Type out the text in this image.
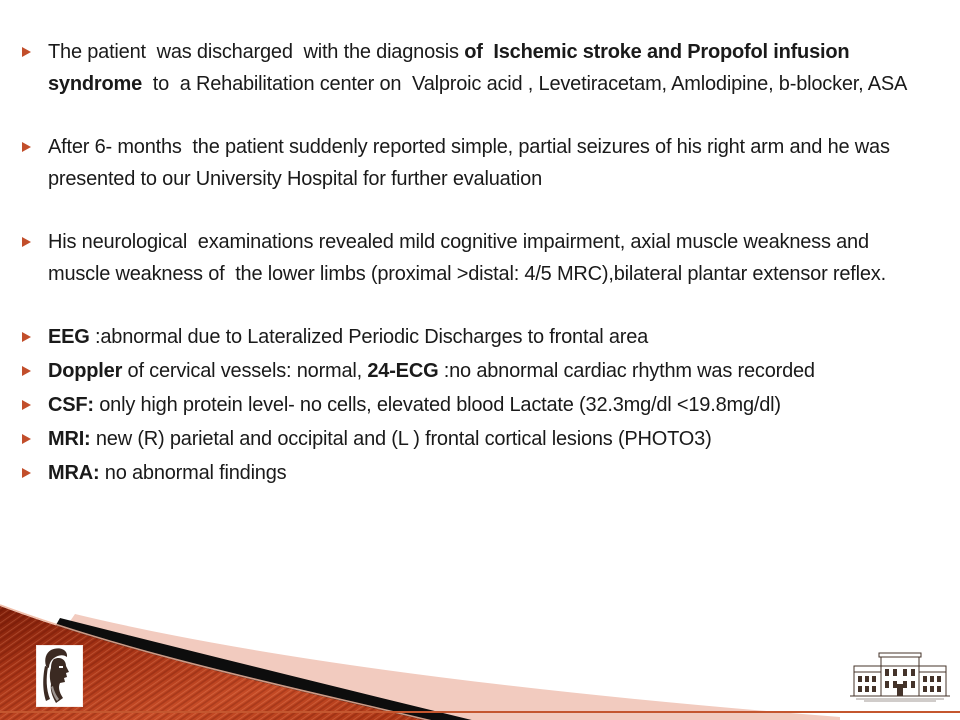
The patient  was discharged  with the diagnosis of  Ischemic stroke and Propofol infusion syndrome  to  a Rehabilitation center on  Valproic acid , Levetiracetam, Amlodipine, b-blocker, ASA
After 6- months  the patient suddenly reported simple, partial seizures of his right arm and he was  presented to our University Hospital for further evaluation
His neurological  examinations revealed mild cognitive impairment, axial muscle weakness and muscle weakness of  the lower limbs (proximal >distal: 4/5 MRC),bilateral plantar extensor reflex.
EEG :abnormal due to Lateralized Periodic Discharges to frontal area
Doppler of cervical vessels: normal, 24-ECG :no abnormal cardiac rhythm was recorded
CSF: only high protein level- no cells, elevated blood Lactate (32.3mg/dl <19.8mg/dl)
MRI: new (R) parietal and occipital and (L ) frontal cortical lesions (PHOTO3)
MRA: no abnormal findings
